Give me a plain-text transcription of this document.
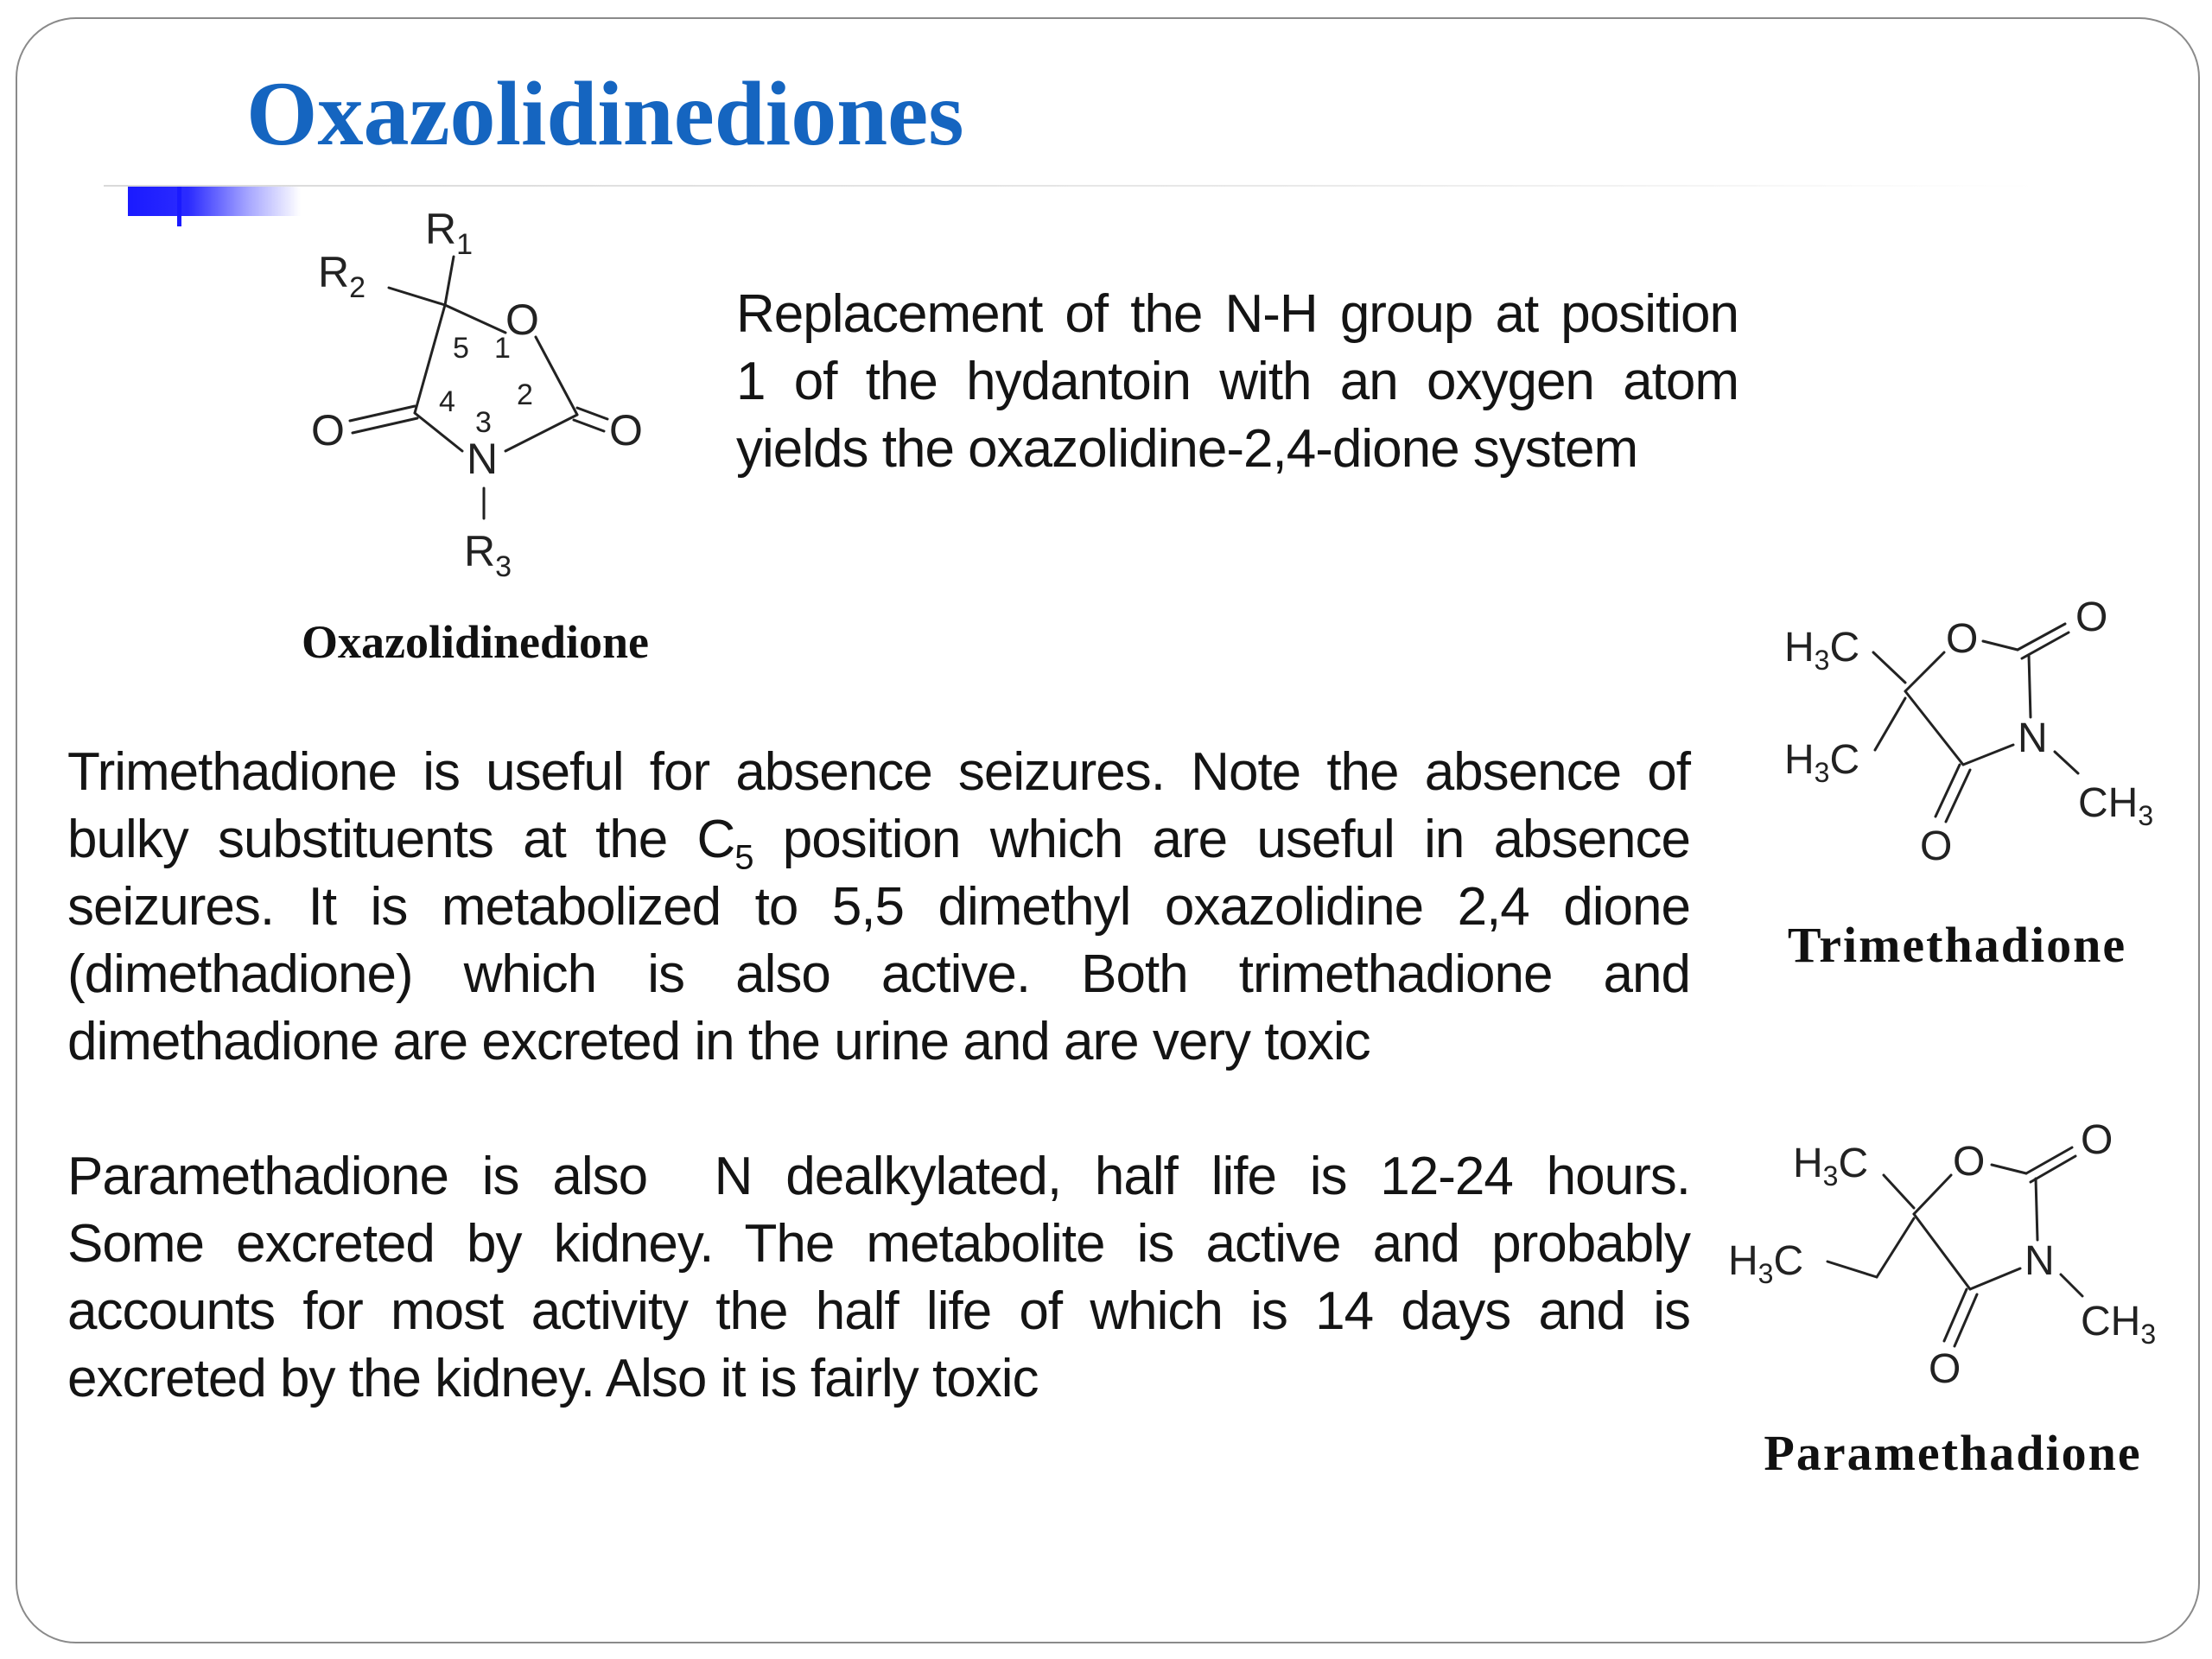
Oxazolidinediones
$R_1$
$R_2$
O
O	O
N
$R_3$
5 1
4 2
3

Oxazolidinedione

Replacement of the N-H group at position
1 of the hydantoin with an oxygen atom
yields the oxazolidine-2,4-dione system
$H_3C$
$H_3C$
O O
N
$CH_3$
O

Trimethadione

Trimethadione is useful for absence seizures. Note the absence of
bulky substituents at the $C_5$ position which are useful in absence
seizures. It is metabolized to 5,5 dimethyl oxazolidine 2,4 dione
(dimethadione) which is also active. Both trimethadione and
dimethadione are excreted in the urine and are very toxic
$H_3C$
$H_3C$
O O
N
$CH_3$
O

Paramethadione

Paramethadione is also  N dealkylated, half life is 12-24 hours.
Some excreted by kidney. The metabolite is active and probably
accounts for most activity the half life of which is 14 days and is
excreted by the kidney. Also it is fairly toxic
